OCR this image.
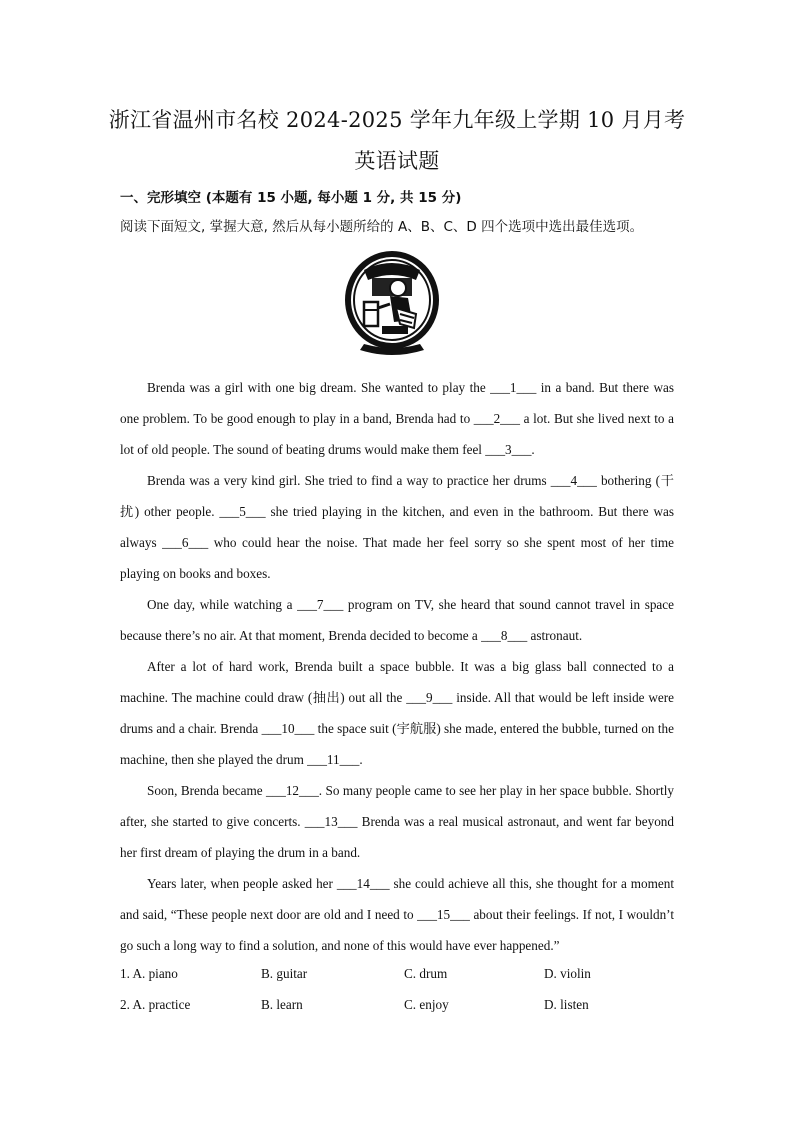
浙江省温州市名校 2024-2025 学年九年级上学期 10 月月考
英语试题
一、完形填空 (本题有 15 小题, 每小题 1 分, 共 15 分)
阅读下面短文, 掌握大意, 然后从每小题所给的 A、B、C、D 四个选项中选出最佳选项。

Brenda was a girl with one big dream. She wanted to play the ___1___ in a band. But there was one problem. To be good enough to play in a band, Brenda had to ___2___ a lot. But she lived next to a lot of old people. The sound of beating drums would make them feel ___3___.

Brenda was a very kind girl. She tried to find a way to practice her drums ___4___ bothering (干扰) other people. ___5___ she tried playing in the kitchen, and even in the bathroom. But there was always ___6___ who could hear the noise. That made her feel sorry so she spent most of her time playing on books and boxes.

One day, while watching a ___7___ program on TV, she heard that sound cannot travel in space because there’s no air. At that moment, Brenda decided to become a ___8___ astronaut.

After a lot of hard work, Brenda built a space bubble. It was a big glass ball connected to a machine. The machine could draw (抽出) out all the ___9___ inside. All that would be left inside were drums and a chair. Brenda ___10___ the space suit (宇航服) she made, entered the bubble, turned on the machine, then she played the drum ___11___.

Soon, Brenda became ___12___. So many people came to see her play in her space bubble. Shortly after, she started to give concerts. ___13___ Brenda was a real musical astronaut, and went far beyond her first dream of playing the drum in a band.

Years later, when people asked her ___14___ she could achieve all this, she thought for a moment and said, “These people next door are old and I need to ___15___ about their feelings. If not, I wouldn’t go such a long way to find a solution, and none of this would have ever happened.”

1. A. piano	B. guitar	C. drum	D. violin
2. A. practice	B. learn	C. enjoy	D. listen
